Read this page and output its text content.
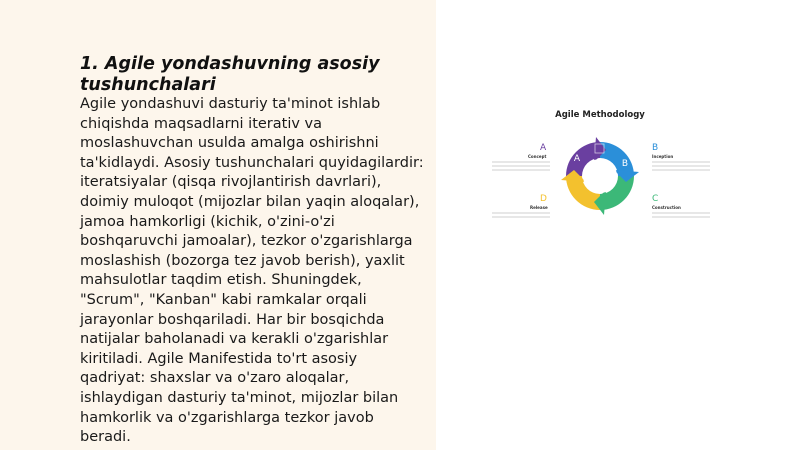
1. Agile yondashuvning asosiy tushunchalari

Agile yondashuvi dasturiy ta'minot ishlab chiqishda maqsadlarni iterativ va moslashuvchan usulda amalga oshirishni ta'kidlaydi. Asosiy tushunchalari quyidagilardir: iteratsiyalar (qisqa rivojlantirish davrlari), doimiy muloqot (mijozlar bilan yaqin aloqalar), jamoa hamkorligi (kichik, o'zini-o'zi boshqaruvchi jamoalar), tezkor o'zgarishlarga moslashish (bozorga tez javob berish), yaxlit mahsulotlar taqdim etish. Shuningdek, "Scrum", "Kanban" kabi ramkalar orqali jarayonlar boshqariladi. Har bir bosqichda natijalar baholanadi va kerakli o'zgarishlar kiritiladi. Agile Manifestida to'rt asosiy qadriyat: shaxslar va o'zaro aloqalar, ishlaydigan dasturiy ta'minot, mijozlar bilan hamkorlik va o'zgarishlarga tezkor javob beradi.

Agile Methodology
A	B
C
D
A
Concept
B
Inception
D
Release
C
Construction
